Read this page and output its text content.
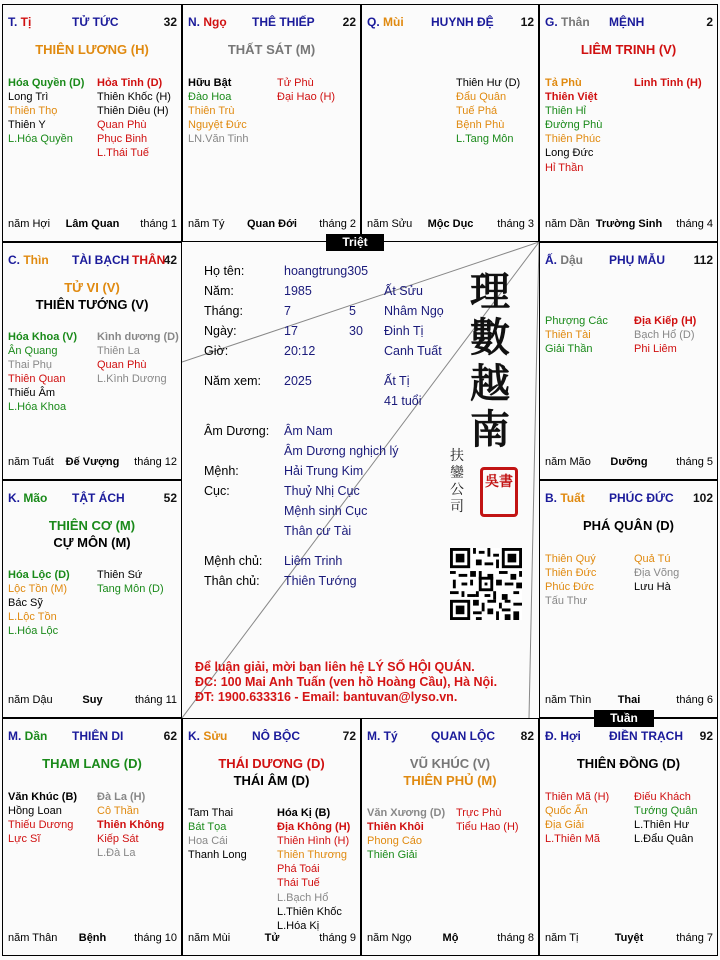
T. Tị	TỬ TỨC	32
THIÊN LƯƠNG (H)
Hóa Quyền (D)
Long Trì
Thiên Thọ
Thiên Y
L.Hóa Quyền
Hỏa Tinh (D)
Thiên Khốc (H)
Thiên Diêu (H)
Quan Phù
Phục Binh
L.Thái Tuế
năm Hợi	Lâm Quan	tháng 1
N. Ngọ THÊ THIẾP 22
THẤT SÁT (M)
Hữu Bật
Đào Hoa
Thiên Trù
Nguyệt Đức
LN.Văn Tinh
Tử Phù
Đại Hao (H)
năm Tý	Quan Đới	tháng 2
Q. Mùi HUYNH ĐỆ 12
Thiên Hư (D)
Đẩu Quân
Tuế Phá
Bệnh Phù
L.Tang Môn
năm Sửu	Mộc Dục	tháng 3
G. Thân MỆNH	2
LIÊM TRINH (V)
Tả Phù
Thiên Việt
Thiên Hỉ
Đường Phù
Thiên Phúc
Long Đức
Hỉ Thần
Linh Tinh (H)
năm Dần Trường Sinh	tháng 4
C. Thìn TÀI BẠCH	42
THÂN
TỬ VI (V)
THIÊN TƯỚNG (V)
Hóa Khoa (V)
Ân Quang
Thai Phụ
Thiên Quan
Thiếu Âm
L.Hóa Khoa
Kình dương (D)
Thiên La
Quan Phù
L.Kình Dương
năm Tuất	Đế Vượng	tháng 12
Ấ. Dậu PHỤ MẪU 112
Phượng Các
Thiên Tài
Giải Thần
Địa Kiếp (H)
Bạch Hổ (D)
Phi Liêm
năm Mão	Dưỡng	tháng 5
K. Mão TẬT ÁCH	52
THIÊN CƠ (M)
CỰ MÔN (M)
Hóa Lộc (D)
Lộc Tồn (M)
Bác Sỹ
L.Lộc Tồn
L.Hóa Lộc
Thiên Sứ
Tang Môn (D)
năm Dậu	Suy	tháng 11
B. Tuất PHÚC ĐỨC 102
PHÁ QUÂN (D)
Thiên Quý
Thiên Đức
Phúc Đức
Tấu Thư
Quả Tú
Địa Võng
Lưu Hà
năm Thìn	Thai	tháng 6
M. Dần THIÊN DI	62
THAM LANG (D)
Văn Khúc (B)
Hồng Loan
Thiếu Dương
Lực Sĩ
Đà La (H)
Cô Thần
Thiên Không
Kiếp Sát
L.Đà La
năm Thân	Bệnh	tháng 10
K. Sửu NÔ BỘC	72
THÁI DƯƠNG (D)
THÁI ÂM (D)
Tam Thai
Bát Tọa
Hoa Cái
Thanh Long
Hóa Kị (B)
Địa Không (H)
Thiên Hình (H)
Thiên Thương
Phá Toái
Thái Tuế
L.Bạch Hổ
L.Thiên Khốc
L.Hóa Kị
năm Mùi	Tử	tháng 9
M. Tý	QUAN LỘC 82
VŨ KHÚC (V)
THIÊN PHỦ (M)
Văn Xương (D)
Thiên Khôi
Phong Cáo
Thiên Giải
Trực Phù
Tiểu Hao (H)
năm Ngọ	Mộ	tháng 8
Đ. Hợi ĐIỀN TRẠCH 92
THIÊN ĐỒNG (D)
Thiên Mã (H)
Quốc Ấn
Địa Giải
L.Thiên Mã
Điếu Khách
Tướng Quân
L.Thiên Hư
L.Đẩu Quân
năm Tị	Tuyệt	tháng 7
Họ tên:	hoangtrung305
Năm:	1985	Ất Sửu
Tháng:	7	5 Nhâm Ngọ
Ngày:	17	30 Đinh Tị
Giờ:	20:12	Canh Tuất
Năm xem: 2025	Ất Tị
41 tuổi
Âm Dương: Âm Nam
Âm Dương nghịch lý
Mệnh:	Hải Trung Kim
Cục:	Thuỷ Nhị Cục
Mệnh sinh Cục
Thân cư Tài
Mệnh chủ: Liêm Trinh
Thân chủ: Thiên Tướng
理
數
越
南
扶鑾公司
吳書
Để luận giải, mời bạn liên hệ LÝ SỐ HỘI QUÁN.
ĐC: 100 Mai Anh Tuấn (ven hồ Hoàng Cầu), Hà Nội.
ĐT: 1900.633316 - Email: bantuvan@lyso.vn.
Triệt
Tuần
